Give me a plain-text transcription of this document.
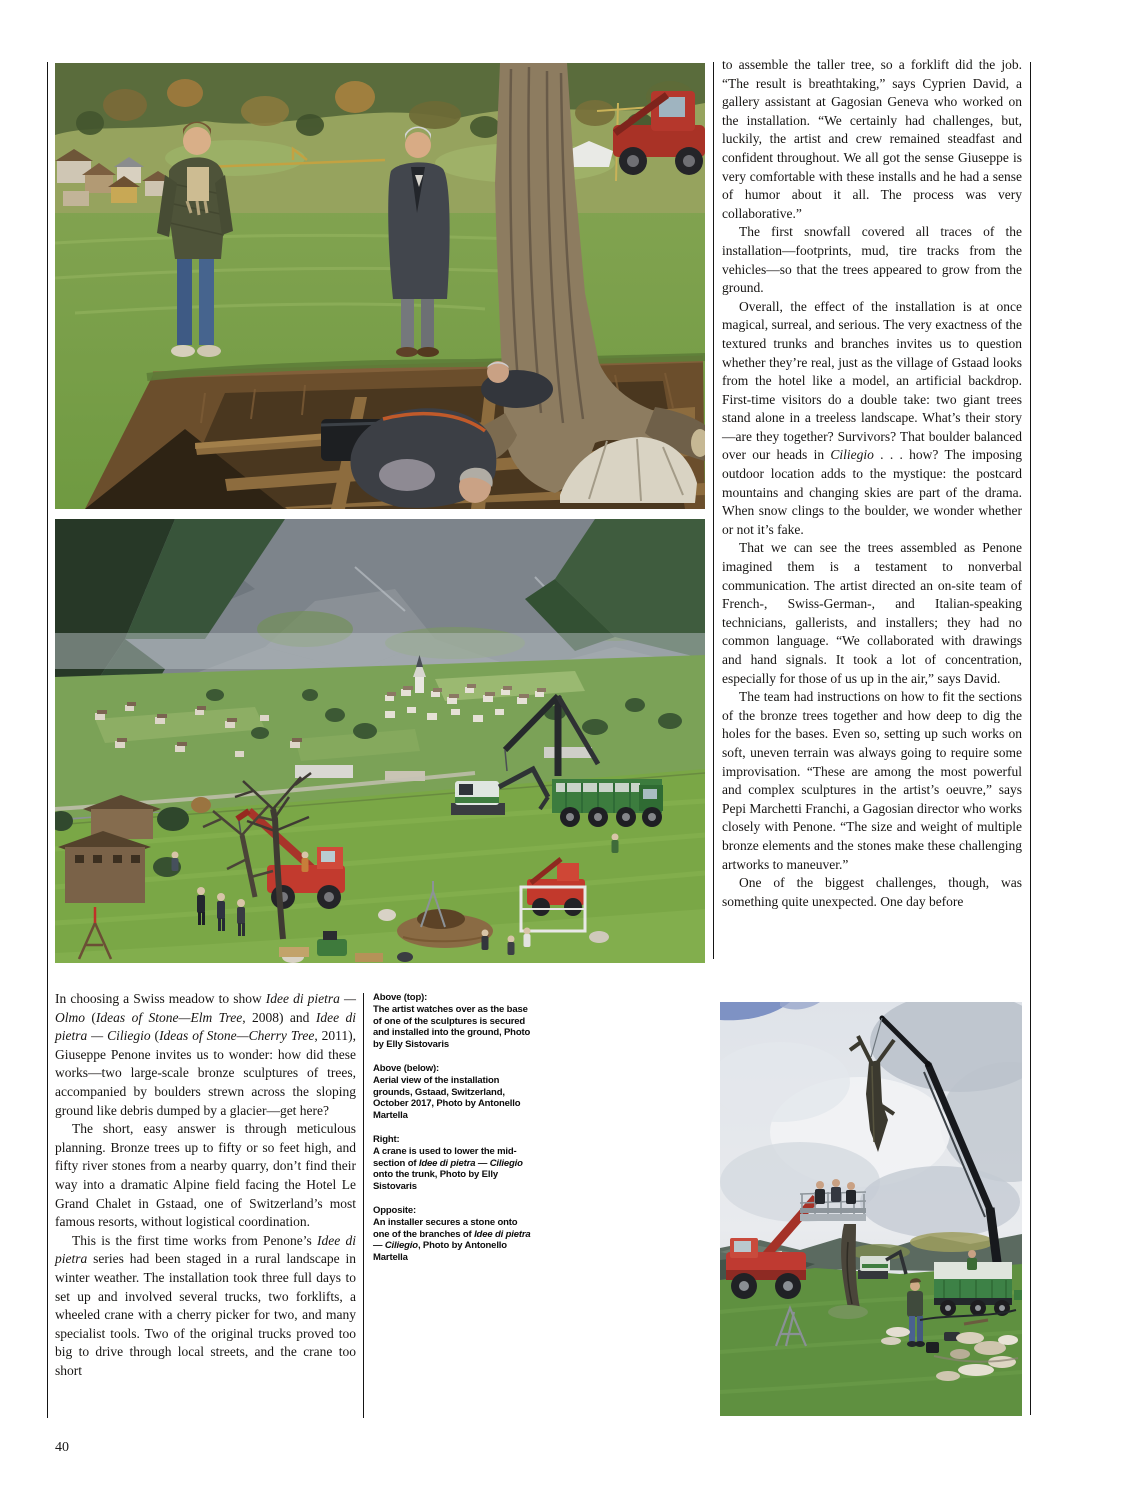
to assemble the taller tree, so a forklift did the job. “The result is breathtaking,” says Cyprien David, a gallery assistant at Gagosian Geneva who worked on the installation. “We certainly had challenges, but, luckily, the artist and crew remained steadfast and confident throughout. We all got the sense Giuseppe is very comfortable with these installs and he had a sense of humor about it all. The process was very collaborative.”

The first snowfall covered all traces of the installation—footprints, mud, tire tracks from the vehicles—so that the trees appeared to grow from the ground.

Overall, the effect of the installation is at once magical, surreal, and serious. The very exactness of the textured trunks and branches invites us to question whether they’re real, just as the village of Gstaad looks from the hotel like a model, an artificial backdrop. First-time visitors do a double take: two giant trees stand alone in a treeless landscape. What’s their story—are they together? Survivors? That boulder balanced over our heads in Ciliegio . . . how? The imposing outdoor location adds to the mystique: the postcard mountains and changing skies are part of the drama. When snow clings to the boulder, we wonder whether or not it’s fake.

That we can see the trees assembled as Penone imagined them is a testament to nonverbal communication. The artist directed an on-site team of French-, Swiss-German-, and Italian-speaking technicians, gallerists, and installers; they had no common language. “We collaborated with drawings and hand signals. It took a lot of concentration, especially for those of us up in the air,” says David.

The team had instructions on how to fit the sections of the bronze trees together and how deep to dig the holes for the bases. Even so, setting up such works on soft, uneven terrain was always going to require some improvisation. “These are among the most powerful and complex sculptures in the artist’s oeuvre,” says Pepi Marchetti Franchi, a Gagosian director who works closely with Penone. “The size and weight of multiple bronze elements and the stones make these challenging artworks to maneuver.”

One of the biggest challenges, though, was something quite unexpected. One day before

In choosing a Swiss meadow to show Idee di pietra — Olmo (Ideas of Stone—Elm Tree, 2008) and Idee di pietra — Ciliegio (Ideas of Stone—Cherry Tree, 2011), Giuseppe Penone invites us to wonder: how did these works—two large-scale bronze sculptures of trees, accompanied by boulders strewn across the sloping ground like debris dumped by a glacier—get here?

The short, easy answer is through meticulous planning. Bronze trees up to fifty or so feet high, and fifty river stones from a nearby quarry, don’t find their way into a dramatic Alpine field facing the Hotel Le Grand Chalet in Gstaad, one of Switzerland’s most famous resorts, without logistical coordination.

This is the first time works from Penone’s Idee di pietra series had been staged in a rural landscape in winter weather. The installation took three full days to set up and involved several trucks, two forklifts, a wheeled crane with a cherry picker for two, and many specialist tools. Two of the original trucks proved too big to drive through local streets, and the crane too short

Above (top):
The artist watches over as the base of one of the sculptures is secured and installed into the ground, Photo by Elly Sistovaris
Above (below):
Aerial view of the installation grounds, Gstaad, Switzerland, October 2017, Photo by Antonello Martella
Right:
A crane is used to lower the mid-section of Idee di pietra — Ciliegio onto the trunk, Photo by Elly Sistovaris
Opposite:
An installer secures a stone onto one of the branches of Idee di pietra — Ciliegio, Photo by Antonello Martella
40
